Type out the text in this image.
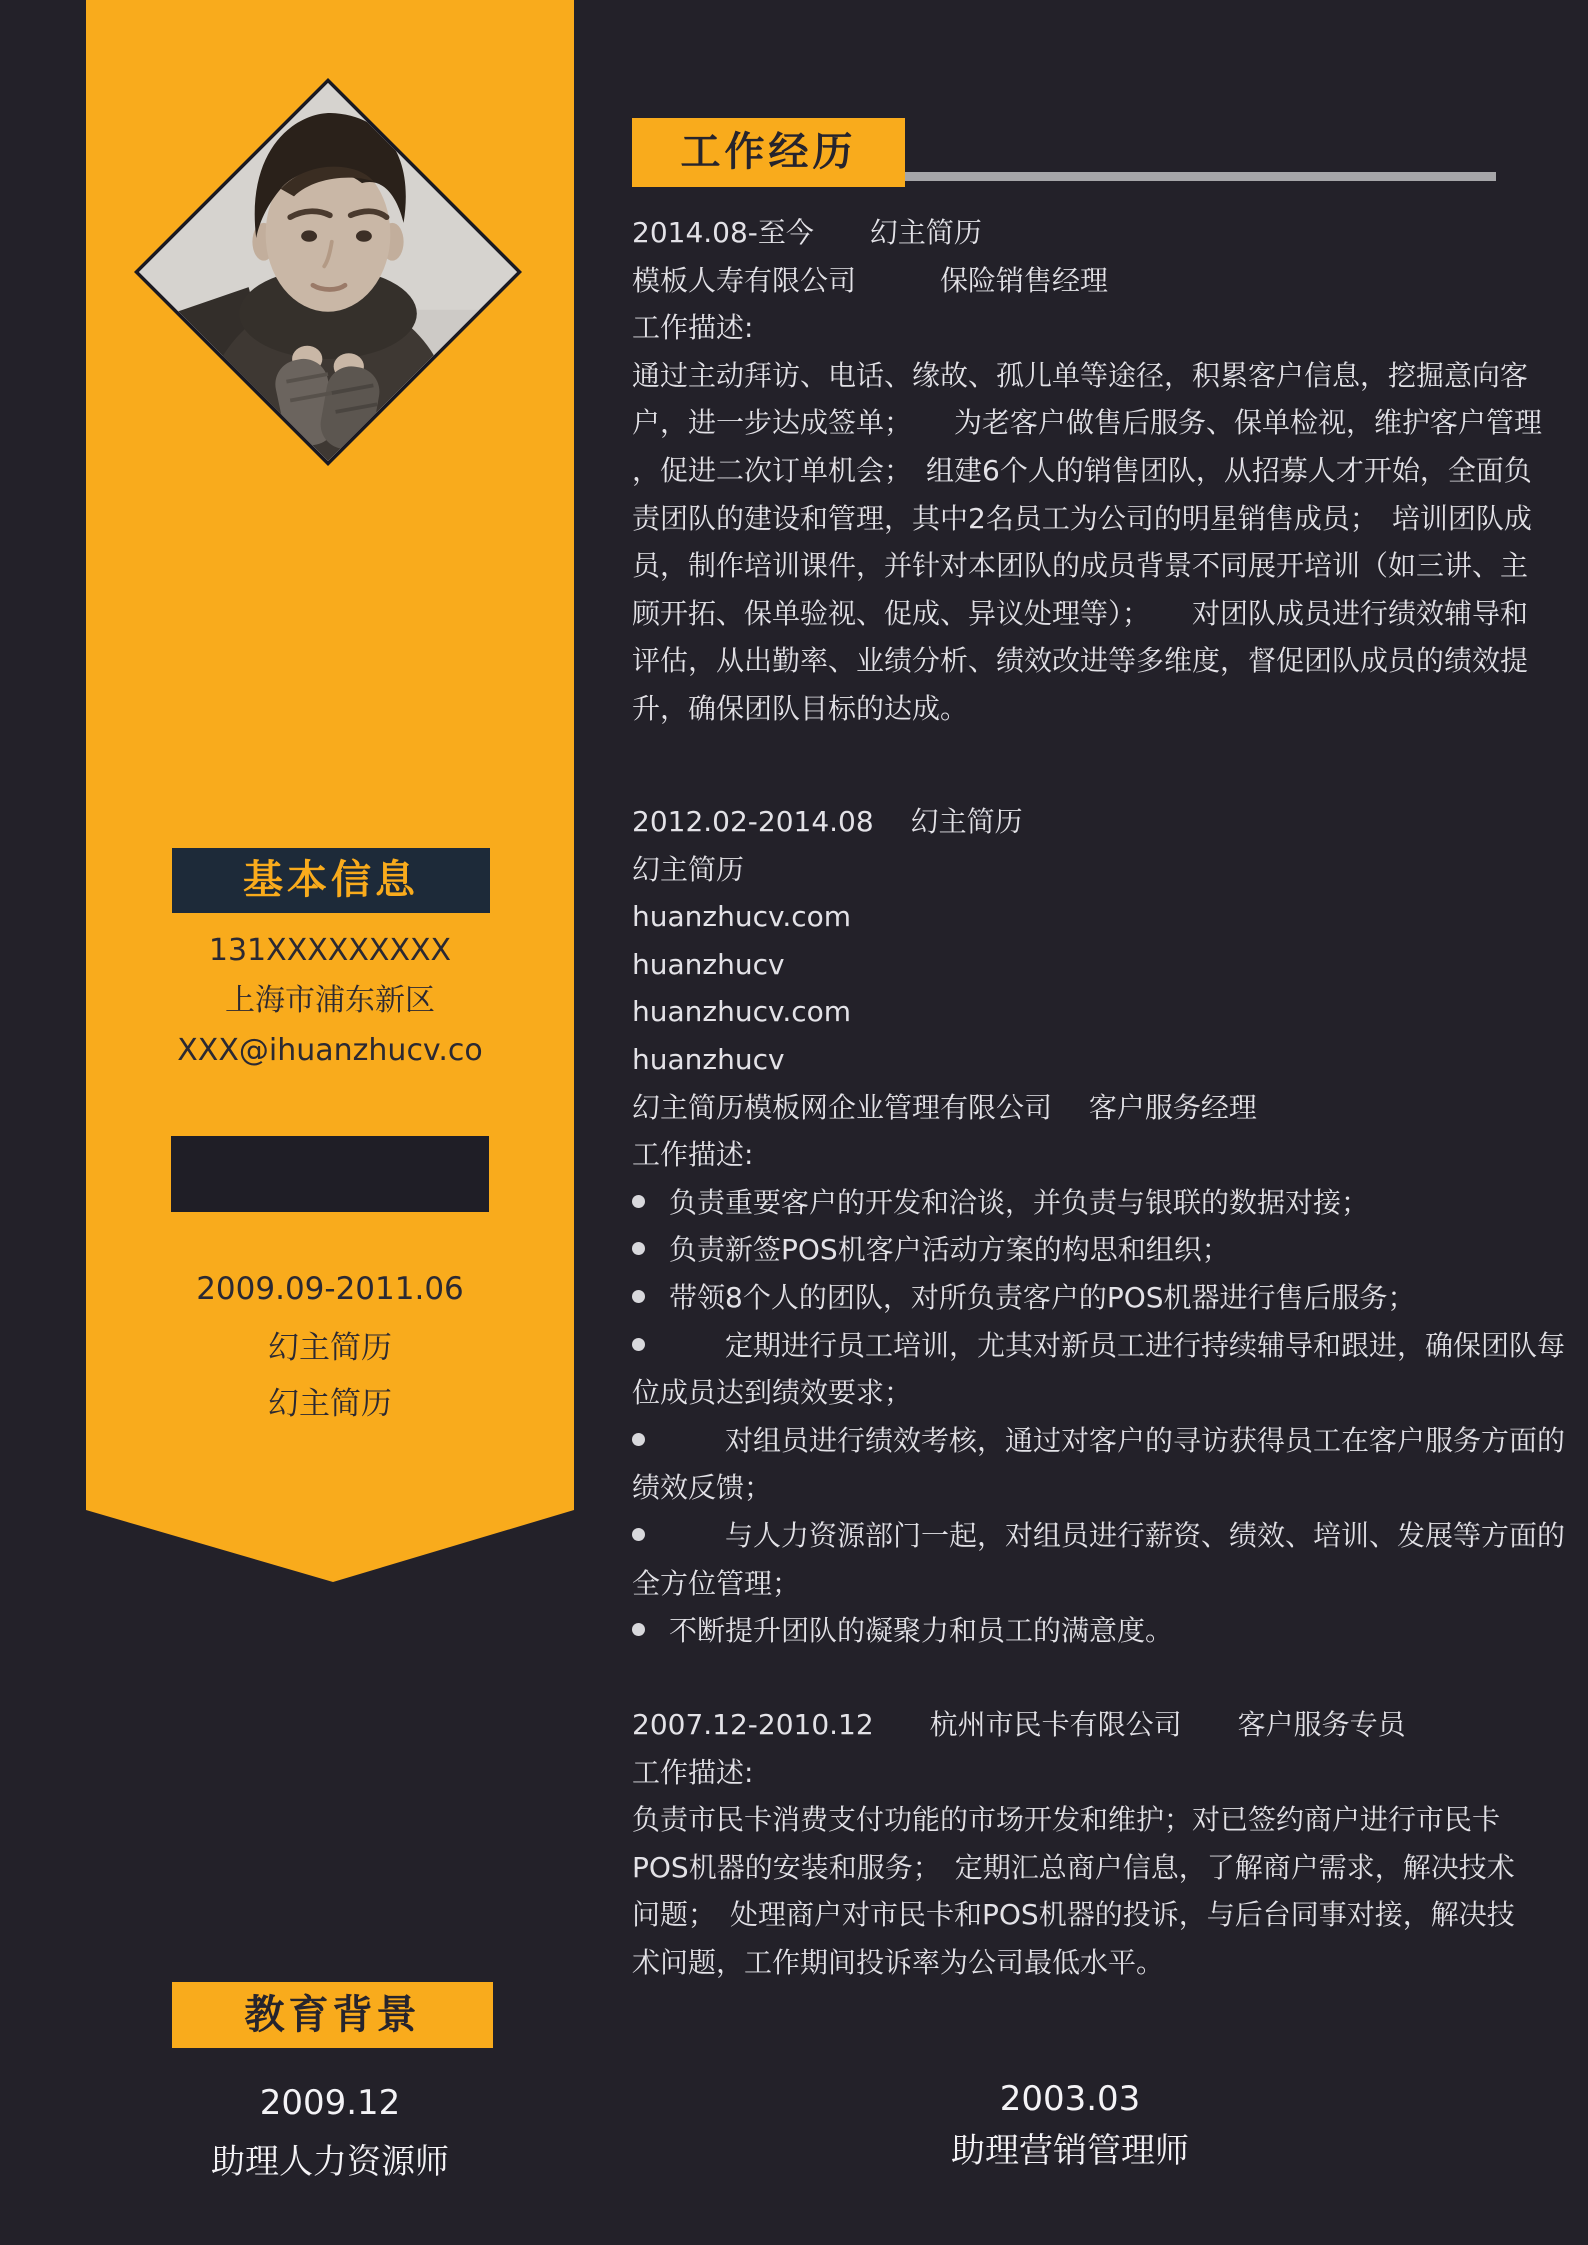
基本信息
131XXXXXXXXX
上海市浦东新区
XXX@ihuanzhucv.co
2009.09-2011.06
幻主简历
幻主简历
教育背景
2009.12
助理人力资源师
工作经历
2014.08-至今　　幻主简历
模板人寿有限公司　　　保险销售经理
工作描述:
通过主动拜访、电话、缘故、孤儿单等途径，积累客户信息，挖掘意向客
户，进一步达成签单；　　为老客户做售后服务、保单检视，维护客户管理
，促进二次订单机会；　组建6个人的销售团队，从招募人才开始，全面负
责团队的建设和管理，其中2名员工为公司的明星销售成员；　培训团队成
员，制作培训课件，并针对本团队的成员背景不同展开培训（如三讲、主
顾开拓、保单验视、促成、异议处理等）；　　对团队成员进行绩效辅导和
评估，从出勤率、业绩分析、绩效改进等多维度，督促团队成员的绩效提
升，确保团队目标的达成。
2012.02-2014.08　 幻主简历
幻主简历
huanzhucv.com
huanzhucv
huanzhucv.com
huanzhucv
幻主简历模板网企业管理有限公司　 客户服务经理
工作描述:
负责重要客户的开发和洽谈，并负责与银联的数据对接；
负责新签POS机客户活动方案的构思和组织；
带领8个人的团队，对所负责客户的POS机器进行售后服务；
定期进行员工培训，尤其对新员工进行持续辅导和跟进，确保团队每
位成员达到绩效要求；
对组员进行绩效考核，通过对客户的寻访获得员工在客户服务方面的
绩效反馈；
与人力资源部门一起，对组员进行薪资、绩效、培训、发展等方面的
全方位管理；
不断提升团队的凝聚力和员工的满意度。
2007.12-2010.12　　杭州市民卡有限公司　　客户服务专员
工作描述:
负责市民卡消费支付功能的市场开发和维护；对已签约商户进行市民卡
POS机器的安装和服务；　定期汇总商户信息，了解商户需求，解决技术
问题；　处理商户对市民卡和POS机器的投诉，与后台同事对接，解决技
术问题，工作期间投诉率为公司最低水平。
2003.03
助理营销管理师
